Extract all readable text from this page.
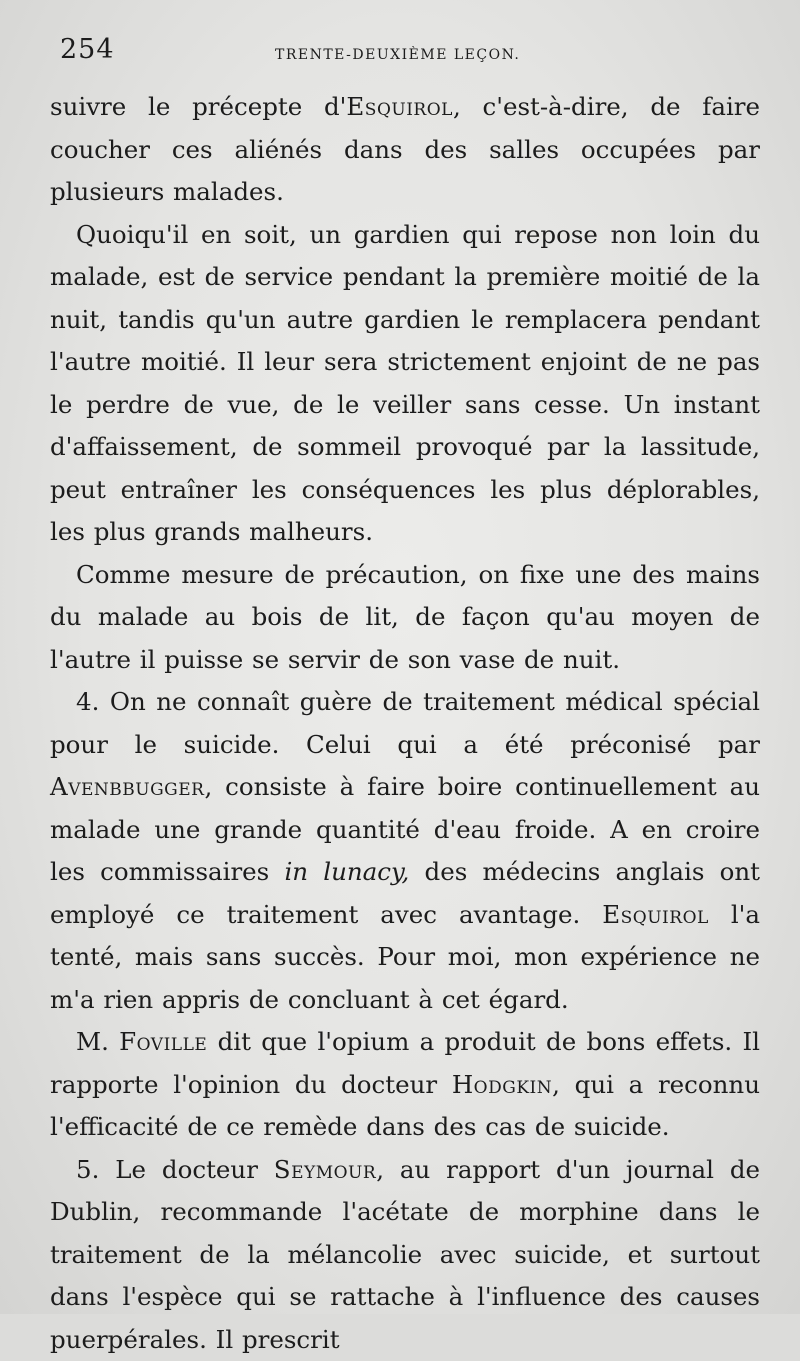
254	TRENTE-DEUXIÈME LEÇON.

suivre le précepte d'Esquirol, c'est-à-dire, de faire coucher ces aliénés dans des salles occupées par plusieurs malades.

Quoiqu'il en soit, un gardien qui repose non loin du malade, est de service pendant la première moitié de la nuit, tandis qu'un autre gardien le remplacera pendant l'autre moitié. Il leur sera strictement enjoint de ne pas le perdre de vue, de le veiller sans cesse. Un instant d'affaissement, de sommeil provoqué par la lassitude, peut entraîner les conséquences les plus déplorables, les plus grands malheurs.

Comme mesure de précaution, on fixe une des mains du malade au bois de lit, de façon qu'au moyen de l'autre il puisse se servir de son vase de nuit.

4. On ne connaît guère de traitement médical spécial pour le suicide. Celui qui a été préconisé par Avenbbugger, consiste à faire boire continuellement au malade une grande quantité d'eau froide. A en croire les commissaires in lunacy, des médecins anglais ont employé ce traitement avec avantage. Esquirol l'a tenté, mais sans succès. Pour moi, mon expérience ne m'a rien appris de concluant à cet égard.

M. Foville dit que l'opium a produit de bons effets. Il rapporte l'opinion du docteur Hodgkin, qui a reconnu l'efficacité de ce remède dans des cas de suicide.

5. Le docteur Seymour, au rapport d'un journal de Dublin, recommande l'acétate de morphine dans le traitement de la mélancolie avec suicide, et surtout dans l'espèce qui se rattache à l'influence des causes puerpérales. Il prescrit
